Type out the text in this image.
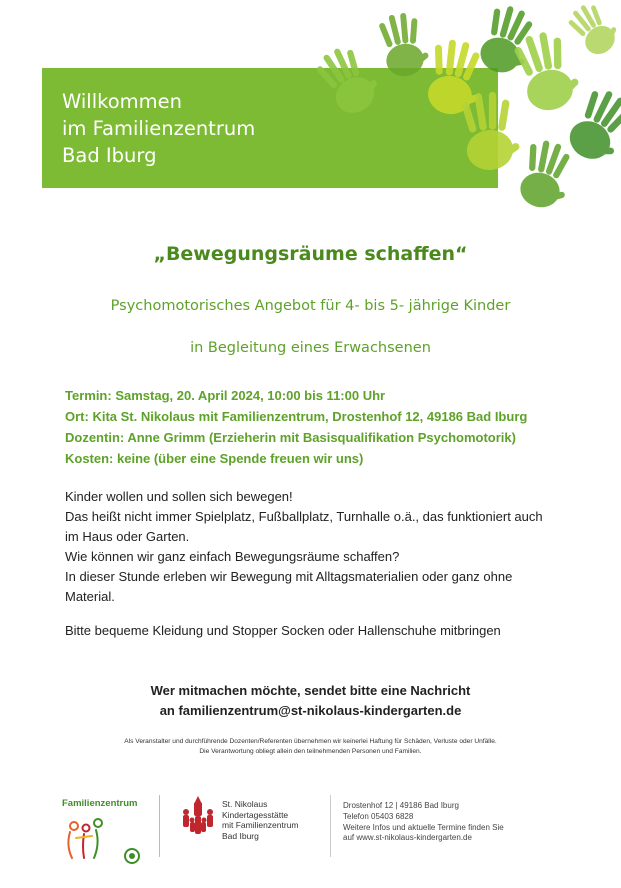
Willkommen
im Familienzentrum
Bad Iburg
„Bewegungsräume schaffen“
Psychomotorisches Angebot für 4- bis 5- jährige Kinder
in Begleitung eines Erwachsenen
Termin: Samstag, 20. April 2024, 10:00 bis 11:00 Uhr
Ort: Kita St. Nikolaus mit Familienzentrum, Drostenhof 12, 49186 Bad Iburg
Dozentin: Anne Grimm (Erzieherin mit Basisqualifikation Psychomotorik)
Kosten: keine (über eine Spende freuen wir uns)

Kinder wollen und sollen sich bewegen!

Das heißt nicht immer Spielplatz, Fußballplatz, Turnhalle o.ä., das funktioniert auch im Haus oder Garten.

Wie können wir ganz einfach Bewegungsräume schaffen?

In dieser Stunde erleben wir Bewegung mit Alltagsmaterialien oder ganz ohne Material.

Bitte bequeme Kleidung und Stopper Socken oder Hallenschuhe mitbringen
Wer mitmachen möchte, sendet bitte eine Nachricht
an familienzentrum@st-nikolaus-kindergarten.de
Als Veranstalter und durchführende Dozenten/Referenten übernehmen wir keinerlei Haftung für Schäden, Verluste oder Unfälle.
Die Verantwortung obliegt allein den teilnehmenden Personen und Familien.
Familienzentrum	St. Nikolaus
Kindertagesstätte
mit Familienzentrum
Bad Iburg
Drostenhof 12 | 49186 Bad Iburg
Telefon 05403 6828
Weitere Infos und aktuelle Termine finden Sie
auf www.st-nikolaus-kindergarten.de
